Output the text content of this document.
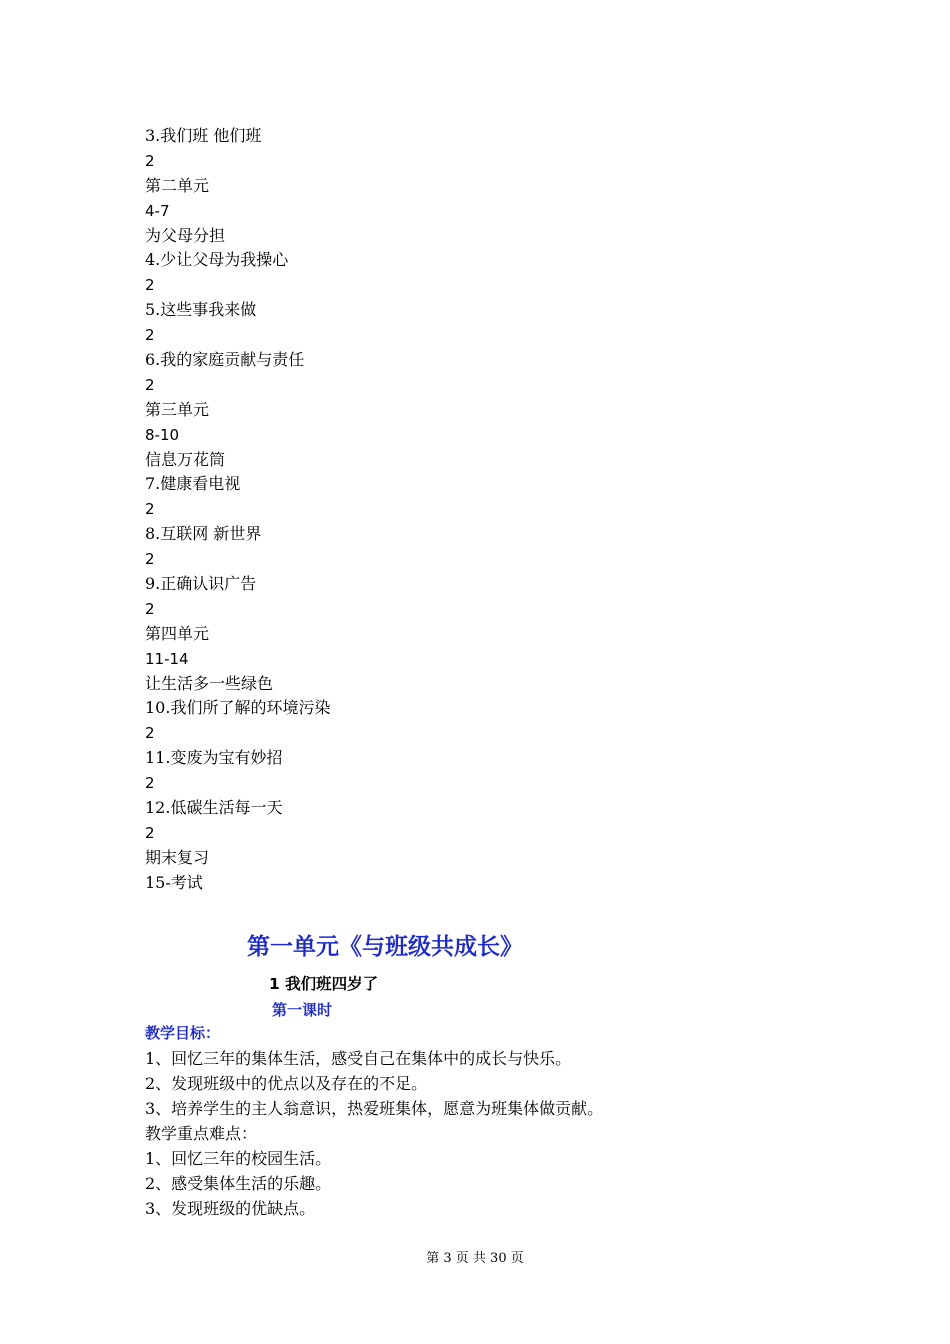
3.我们班 他们班
2
第二单元
4-7
为父母分担
4.少让父母为我操心
2
5.这些事我来做
2
6.我的家庭贡献与责任
2
第三单元
8-10
信息万花筒
7.健康看电视
2
8.互联网 新世界
2
9.正确认识广告
2
第四单元
11-14
让生活多一些绿色
10.我们所了解的环境污染
2
11.变废为宝有妙招
2
12.低碳生活每一天
2
期末复习
15-考试
第一单元《与班级共成长》
1 我们班四岁了
第一课时
教学目标：
1、回忆三年的集体生活，感受自己在集体中的成长与快乐。
2、发现班级中的优点以及存在的不足。
3、培养学生的主人翁意识，热爱班集体，愿意为班集体做贡献。
教学重点难点：
1、回忆三年的校园生活。
2、感受集体生活的乐趣。
3、发现班级的优缺点。
第 3 页 共 30 页
